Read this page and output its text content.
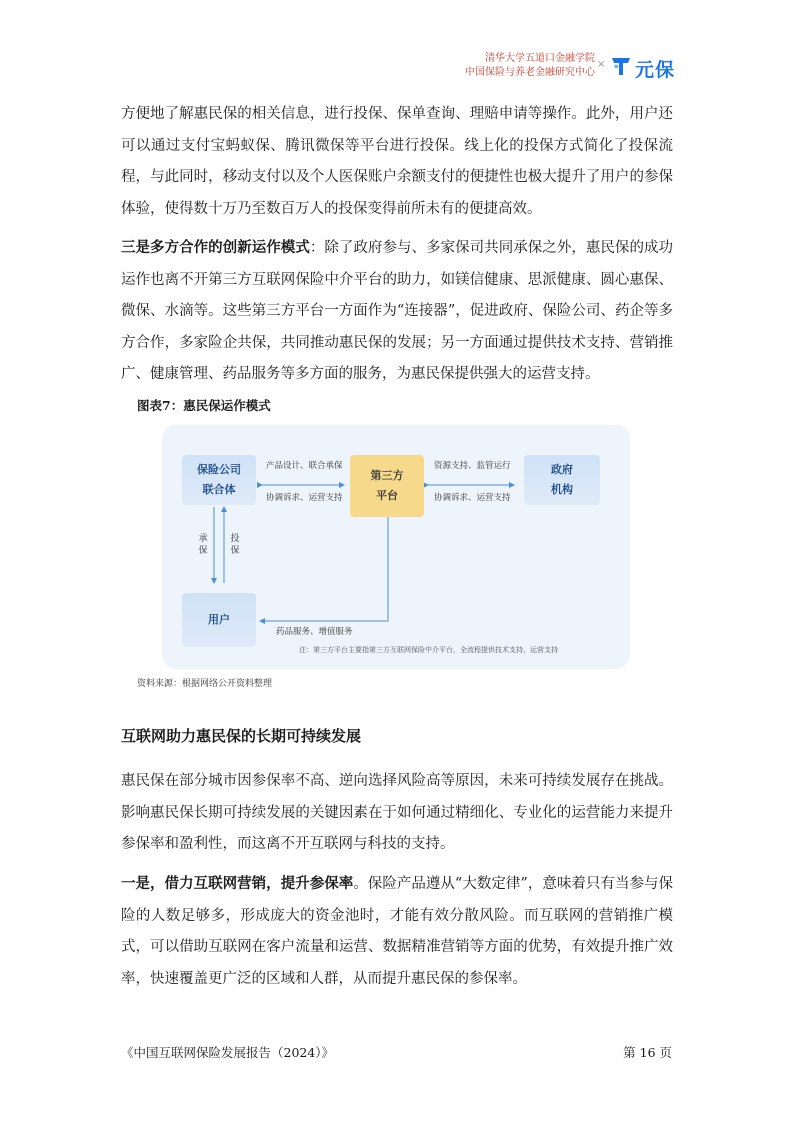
清华大学五道口金融学院
中国保险与养老金融研究中心
× 元保
方便地了解惠民保的相关信息，进行投保、保单查询、理赔申请等操作。此外，用户还可以通过支付宝蚂蚁保、腾讯微保等平台进行投保。线上化的投保方式简化了投保流程，与此同时，移动支付以及个人医保账户余额支付的便捷性也极大提升了用户的参保体验，使得数十万乃至数百万人的投保变得前所未有的便捷高效。
三是多方合作的创新运作模式：除了政府参与、多家保司共同承保之外，惠民保的成功运作也离不开第三方互联网保险中介平台的助力，如镁信健康、思派健康、圆心惠保、微保、水滴等。这些第三方平台一方面作为“连接器”，促进政府、保险公司、药企等多方合作，多家险企共保，共同推动惠民保的发展；另一方面通过提供技术支持、营销推广、健康管理、药品服务等多方面的服务，为惠民保提供强大的运营支持。
图表7：惠民保运作模式
保险公司
联合体
第三方
平台
政府
机构
用户
产品设计、联合承保
协调诉求、运营支持
资源支持、监管运行
协调诉求、运营支持
承保
投保
药品服务、增值服务
注：第三方平台主要指第三方互联网保险中介平台，全流程提供技术支持、运营支持
资料来源：根据网络公开资料整理
互联网助力惠民保的长期可持续发展
惠民保在部分城市因参保率不高、逆向选择风险高等原因，未来可持续发展存在挑战。影响惠民保长期可持续发展的关键因素在于如何通过精细化、专业化的运营能力来提升参保率和盈利性，而这离不开互联网与科技的支持。
一是，借力互联网营销，提升参保率。保险产品遵从“大数定律”，意味着只有当参与保险的人数足够多，形成庞大的资金池时，才能有效分散风险。而互联网的营销推广模式，可以借助互联网在客户流量和运营、数据精准营销等方面的优势，有效提升推广效率，快速覆盖更广泛的区域和人群，从而提升惠民保的参保率。
《中国互联网保险发展报告（2024）》	第 16 页
